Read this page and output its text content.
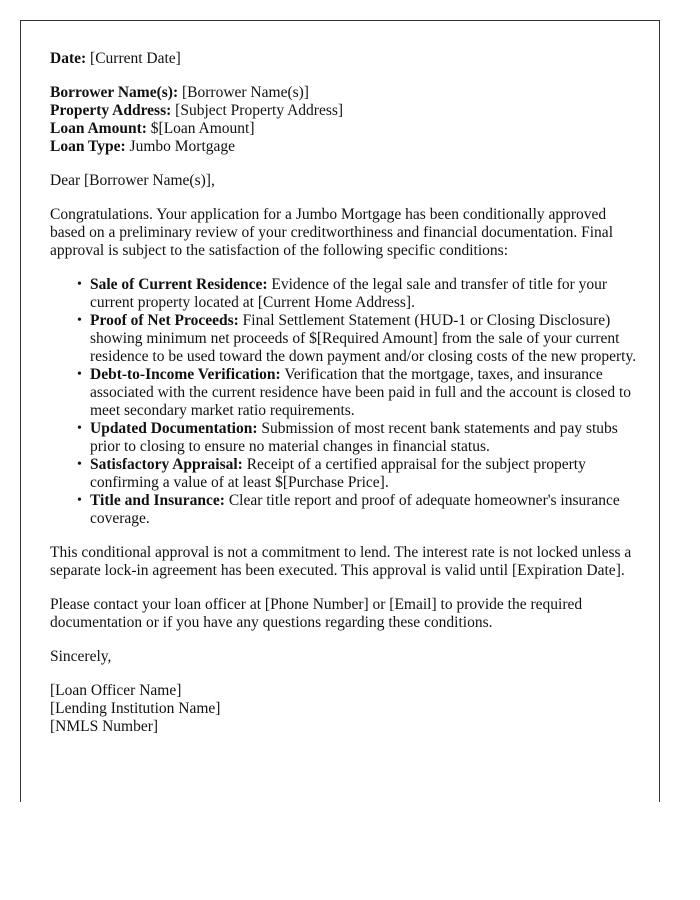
Date: [Current Date]
Borrower Name(s): [Borrower Name(s)]
Property Address: [Subject Property Address]
Loan Amount: $[Loan Amount]
Loan Type: Jumbo Mortgage

Dear [Borrower Name(s)],

Congratulations. Your application for a Jumbo Mortgage has been conditionally approved based on a preliminary review of your creditworthiness and financial documentation. Final approval is subject to the satisfaction of the following specific conditions:

• Sale of Current Residence: Evidence of the legal sale and transfer of title for your current property located at [Current Home Address].
• Proof of Net Proceeds: Final Settlement Statement (HUD-1 or Closing Disclosure) showing minimum net proceeds of $[Required Amount] from the sale of your current residence to be used toward the down payment and/or closing costs of the new property.
• Debt-to-Income Verification: Verification that the mortgage, taxes, and insurance associated with the current residence have been paid in full and the account is closed to meet secondary market ratio requirements.
• Updated Documentation: Submission of most recent bank statements and pay stubs prior to closing to ensure no material changes in financial status.
• Satisfactory Appraisal: Receipt of a certified appraisal for the subject property confirming a value of at least $[Purchase Price].
• Title and Insurance: Clear title report and proof of adequate homeowner's insurance coverage.

This conditional approval is not a commitment to lend. The interest rate is not locked unless a separate lock-in agreement has been executed. This approval is valid until [Expiration Date].

Please contact your loan officer at [Phone Number] or [Email] to provide the required documentation or if you have any questions regarding these conditions.

Sincerely,

[Loan Officer Name]
[Lending Institution Name]
[NMLS Number]
